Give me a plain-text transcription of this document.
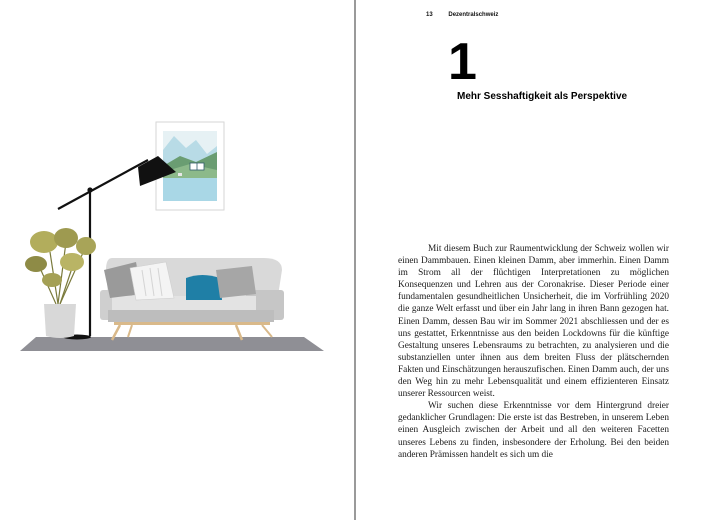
13	Dezentralschweiz
1
Mehr Sesshaftigkeit als Perspektive

Mit diesem Buch zur Raumentwicklung der Schweiz wollen wir einen Dammbauen. Einen kleinen Damm, aber immerhin. Einen Damm im Strom all der flüchtigen Interpretationen zu möglichen Konsequenzen und Lehren aus der Coronakrise. Dieser Periode einer fundamentalen gesundheitlichen Unsicherheit, die im Vorfrühling 2020 die ganze Welt erfasst und über ein Jahr lang in ihren Bann gezogen hat. Einen Damm, dessen Bau wir im Sommer 2021 abschliessen und der es uns gestattet, Erkenntnisse aus den beiden Lockdowns für die künftige Gestaltung unseres Lebensraums zu betrachten, zu analysieren und die substanziellen unter ihnen aus dem breiten Fluss der plätschernden Fakten und Einschätzungen herauszufischen. Einen Damm auch, der uns den Weg hin zu mehr Lebensqualität und einem effizienteren Einsatz unserer Ressourcen weist.

Wir suchen diese Erkenntnisse vor dem Hintergrund dreier gedanklicher Grundlagen: Die erste ist das Bestreben, in unserem Leben einen Ausgleich zwischen der Arbeit und all den weiteren Facetten unseres Lebens zu finden, insbesondere der Erholung. Bei den beiden anderen Prämissen handelt es sich um die
